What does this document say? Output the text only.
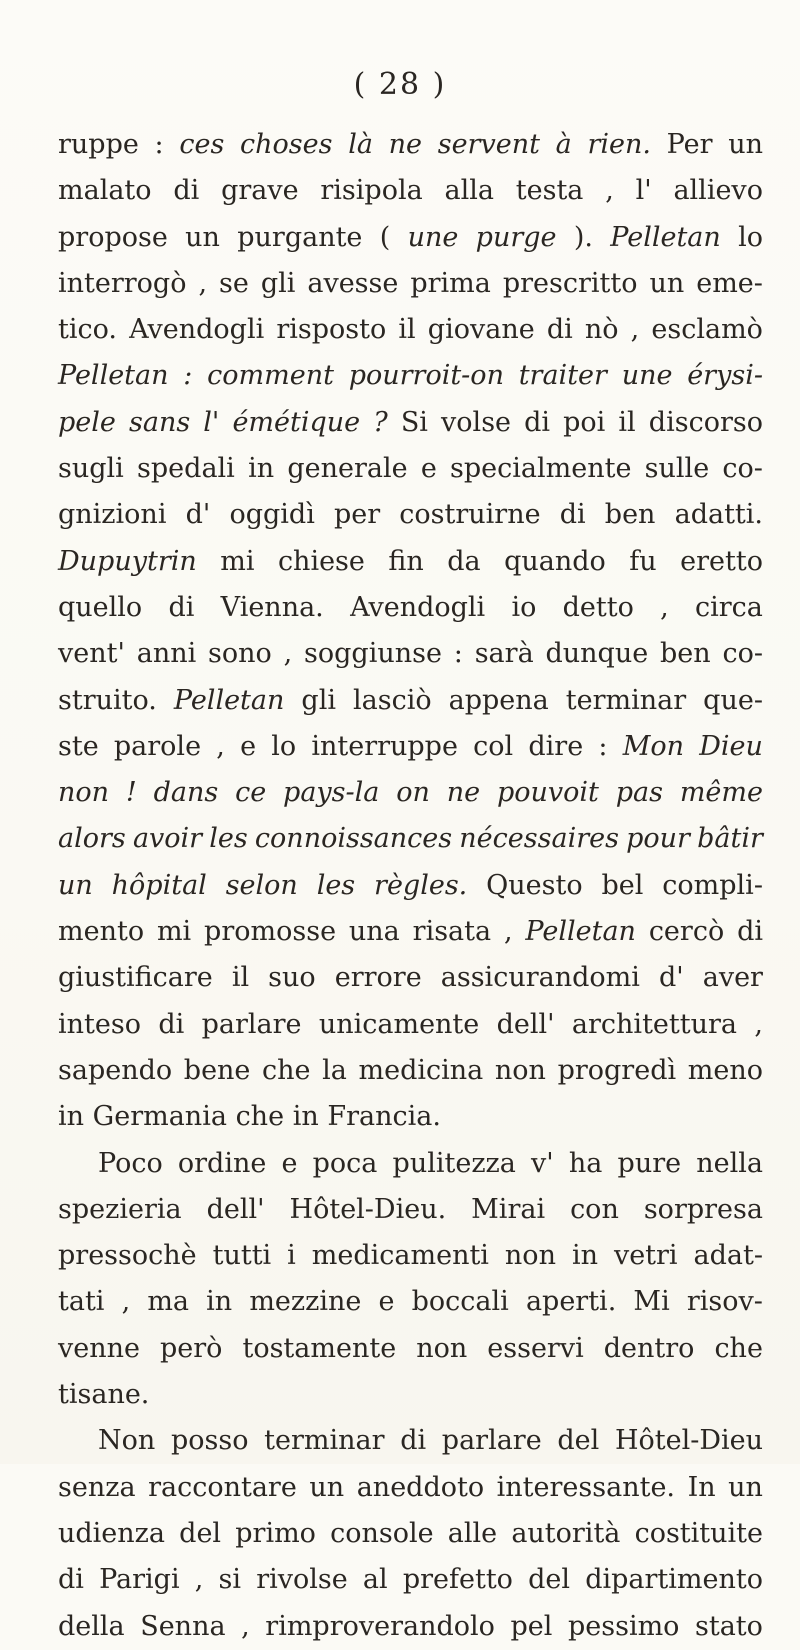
( 28 )
ruppe : ces choses là ne servent à rien. Per un
malato di grave risipola alla testa , l' allievo
propose un purgante ( une purge ). Pelletan lo
interrogò , se gli avesse prima prescritto un eme-
tico. Avendogli risposto il giovane di nò , esclamò
Pelletan : comment pourroit-on traiter une érysi-
pele sans l' émétique ? Si volse di poi il discorso
sugli spedali in generale e specialmente sulle co-
gnizioni d' oggidì per costruirne di ben adatti.
Dupuytrin mi chiese fin da quando fu eretto
quello di Vienna. Avendogli io detto , circa
vent' anni sono , soggiunse : sarà dunque ben co-
struito. Pelletan gli lasciò appena terminar que-
ste parole , e lo interruppe col dire : Mon Dieu
non ! dans ce pays-la on ne pouvoit pas même
alors avoir les connoissances nécessaires pour bâtir
un hôpital selon les règles. Questo bel compli-
mento mi promosse una risata , Pelletan cercò di
giustificare il suo errore assicurandomi d' aver
inteso di parlare unicamente dell' architettura ,
sapendo bene che la medicina non progredì meno
in Germania che in Francia.
Poco ordine e poca pulitezza v' ha pure nella
spezieria dell' Hôtel-Dieu. Mirai con sorpresa
pressochè tutti i medicamenti non in vetri adat-
tati , ma in mezzine e boccali aperti. Mi risov-
venne però tostamente non esservi dentro che
tisane.
Non posso terminar di parlare del Hôtel-Dieu
senza raccontare un aneddoto interessante. In un
udienza del primo console alle autorità costituite
di Parigi , si rivolse al prefetto del dipartimento
della Senna , rimproverandolo pel pessimo stato
